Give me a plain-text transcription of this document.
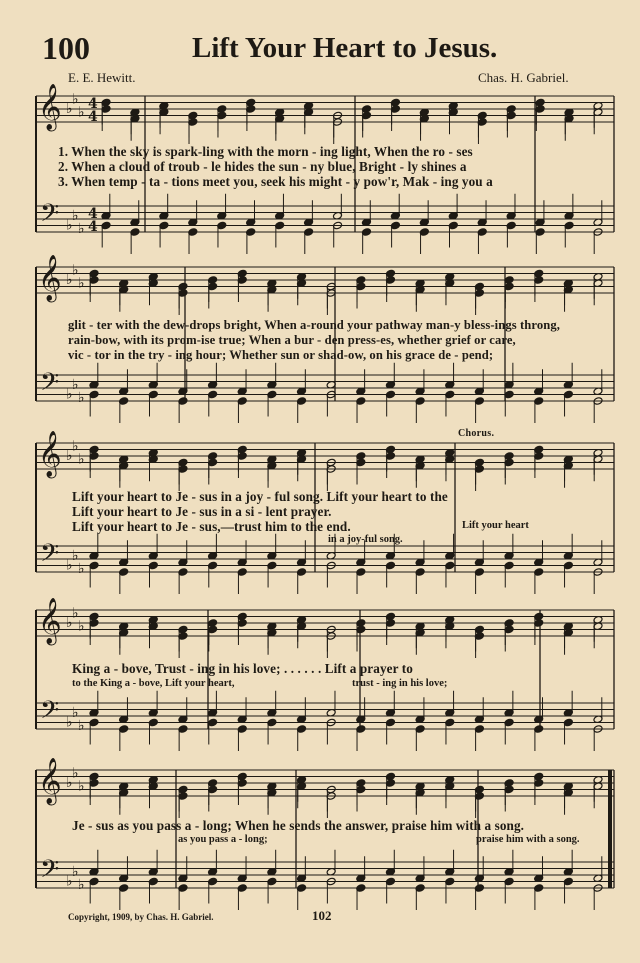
100	Lift Your Heart to Jesus.
E. E. Hewitt.	Chas. H. Gabriel.
𝄞
𝄢
♭
♭
♭
♭
♭
♭
4
4
4
4
𝄞
𝄢
♭
♭
♭
♭
♭
♭
𝄞
𝄢
♭
♭
♭
♭
♭
♭
𝄞
𝄢
♭
♭
♭
♭
♭
♭
𝄞
𝄢
♭
♭
♭
♭
♭
♭
1. When the sky is spark-ling with the morn - ing light, When the ro - ses
2. When a cloud of troub - le hides the sun - ny blue, Bright - ly shines a
3. When temp - ta - tions meet you, seek his might - y pow'r, Mak - ing you a
glit - ter with the dew-drops bright, When a-round your pathway man-y bless-ings throng,
rain-bow, with its prom-ise true; When a bur - den press-es, whether grief or care,
vic - tor in the try - ing hour; Whether sun or shad-ow, on his grace de - pend;
Chorus.
Lift your heart to Je - sus in a joy - ful song. Lift your heart to the
Lift your heart to Je - sus in a si - lent prayer.
Lift your heart to Je - sus,—trust him to the end.
in a joy-ful song.
Lift your heart
King a - bove, Trust - ing in his love; . . . . . . Lift a prayer to
to the King a - bove, Lift your heart,	trust - ing in his love;
Je - sus as you pass a - long; When he sends the answer, praise him with a song.
as you pass a - long;	praise him with a song.
Copyright, 1909, by Chas. H. Gabriel.	102
